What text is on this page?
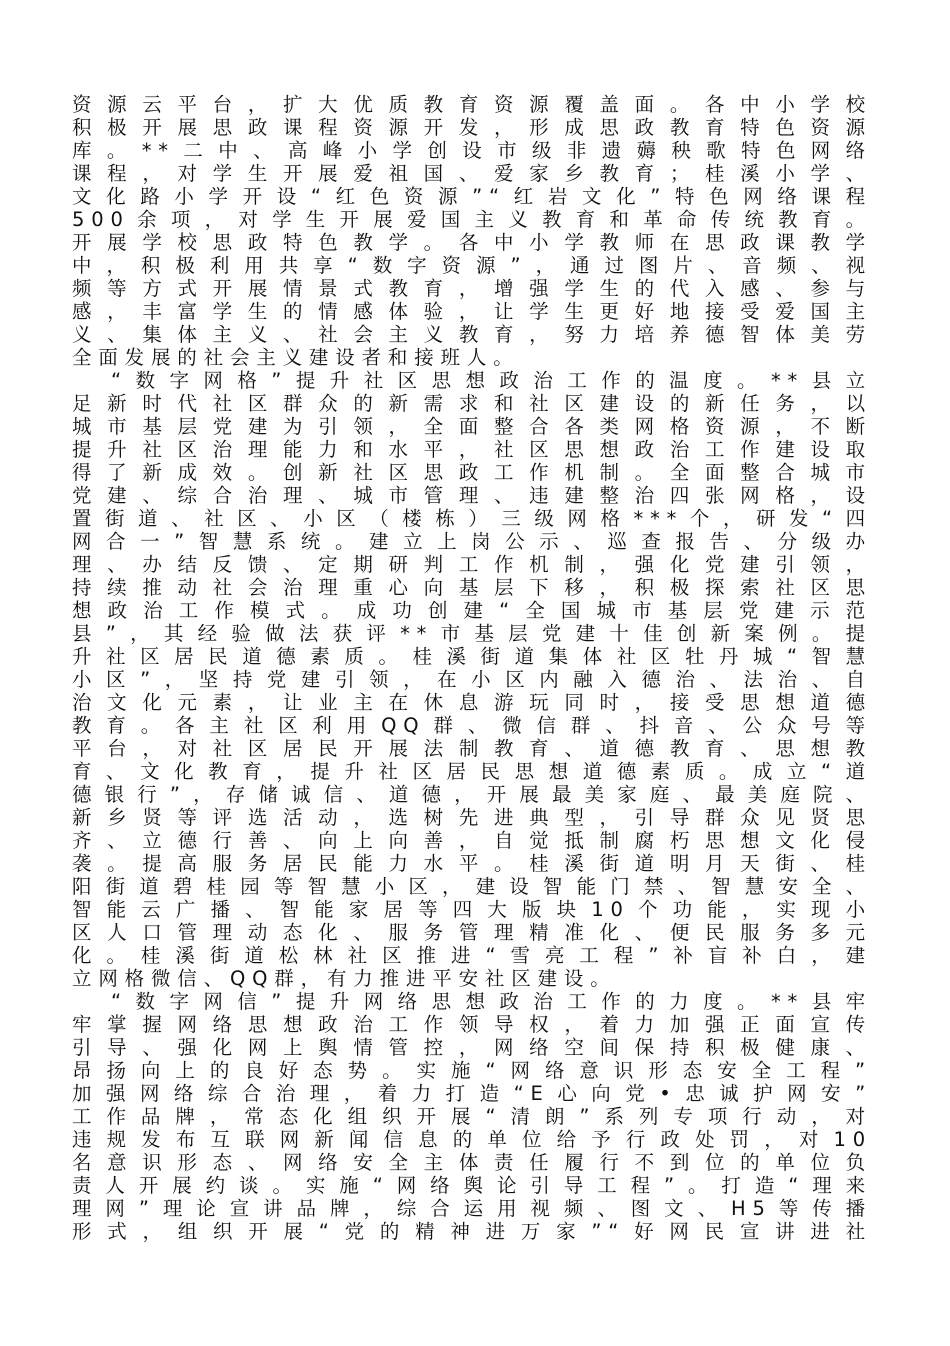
资源云平台，扩大优质教育资源覆盖面。各中小学校
积极开展思政课程资源开发，形成思政教育特色资源
库。**二中、高峰小学创设市级非遗薅秧歌特色网络
课程，对学生开展爱祖国、爱家乡教育；桂溪小学、
文化路小学开设“红色资源”“红岩文化”特色网络课程
500余项，对学生开展爱国主义教育和革命传统教育。
开展学校思政特色教学。各中小学教师在思政课教学
中，积极利用共享“数字资源”，通过图片、音频、视
频等方式开展情景式教育，增强学生的代入感、参与
感，丰富学生的情感体验，让学生更好地接受爱国主
义、集体主义、社会主义教育，努力培养德智体美劳
全面发展的社会主义建设者和接班人。
“数字网格”提升社区思想政治工作的温度。**县立
足新时代社区群众的新需求和社区建设的新任务，以
城市基层党建为引领，全面整合各类网格资源，不断
提升社区治理能力和水平，社区思想政治工作建设取
得了新成效。创新社区思政工作机制。全面整合城市
党建、综合治理、城市管理、违建整治四张网格，设
置街道、社区、小区（楼栋）三级网格***个，研发“四
网合一”智慧系统。建立上岗公示、巡查报告、分级办
理、办结反馈、定期研判工作机制，强化党建引领，
持续推动社会治理重心向基层下移，积极探索社区思
想政治工作模式。成功创建“全国城市基层党建示范
县”，其经验做法获评**市基层党建十佳创新案例。提
升社区居民道德素质。桂溪街道集体社区牡丹城“智慧
小区”，坚持党建引领，在小区内融入德治、法治、自
治文化元素，让业主在休息游玩同时，接受思想道德
教育。各主社区利用QQ群、微信群、抖音、公众号等
平台，对社区居民开展法制教育、道德教育、思想教
育、文化教育，提升社区居民思想道德素质。成立“道
德银行”，存储诚信、道德，开展最美家庭、最美庭院、
新乡贤等评选活动，选树先进典型，引导群众见贤思
齐、立德行善、向上向善，自觉抵制腐朽思想文化侵
袭。提高服务居民能力水平。桂溪街道明月天街、桂
阳街道碧桂园等智慧小区，建设智能门禁、智慧安全、
智能云广播、智能家居等四大版块10个功能，实现小
区人口管理动态化、服务管理精准化、便民服务多元
化。桂溪街道松林社区推进“雪亮工程”补盲补白，建
立网格微信、QQ群，有力推进平安社区建设。
“数字网信”提升网络思想政治工作的力度。**县牢
牢掌握网络思想政治工作领导权，着力加强正面宣传
引导、强化网上舆情管控，网络空间保持积极健康、
昂扬向上的良好态势。实施“网络意识形态安全工程”
加强网络综合治理，着力打造“E心向党•忠诚护网安”
工作品牌，常态化组织开展“清朗”系列专项行动，对
违规发布互联网新闻信息的单位给予行政处罚，对10
名意识形态、网络安全主体责任履行不到位的单位负
责人开展约谈。实施“网络舆论引导工程”。打造“理来
理网”理论宣讲品牌，综合运用视频、图文、H5等传播
形式，组织开展“党的精神进万家”“好网民宣讲进社
